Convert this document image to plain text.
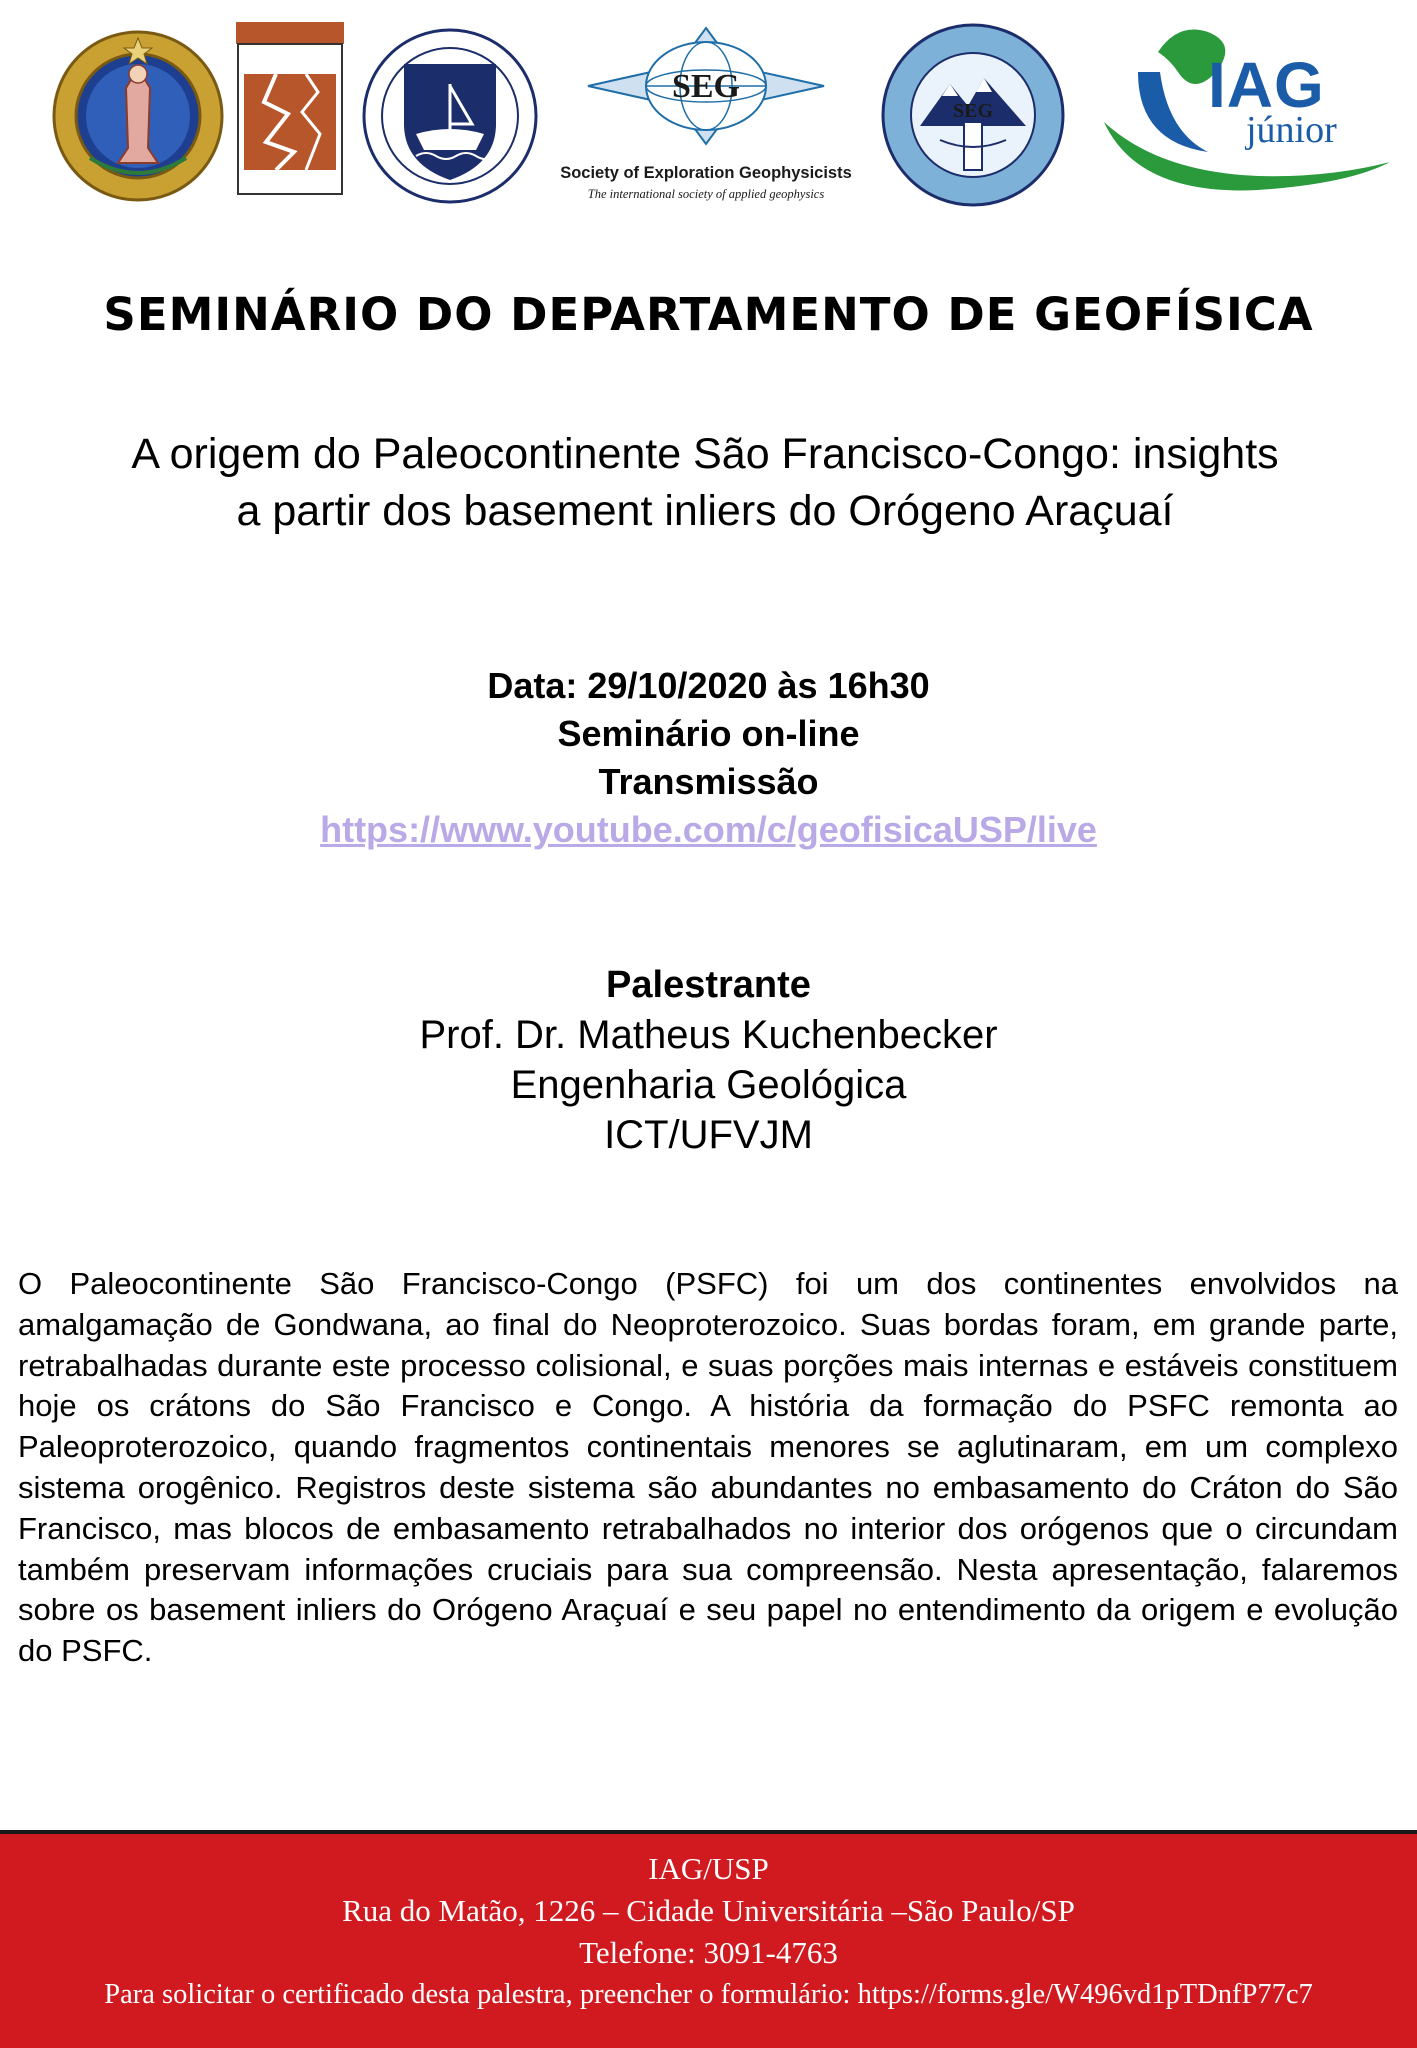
SEG
Society of Exploration Geophysicists
The international society of applied geophysics
SEG	IAG
júnior
SEMINÁRIO DO DEPARTAMENTO DE GEOFÍSICA
A origem do Paleocontinente São Francisco-Congo: insights
a partir dos basement inliers do Orógeno Araçuaí
Data: 29/10/2020 às 16h30
Seminário on-line
Transmissão
https://www.youtube.com/c/geofisicaUSP/live
Palestrante
Prof. Dr. Matheus Kuchenbecker
Engenharia Geológica
ICT/UFVJM
O Paleocontinente São Francisco-Congo (PSFC) foi um dos continentes envolvidos na amalgamação de Gondwana, ao final do Neoproterozoico. Suas bordas foram, em grande parte, retrabalhadas durante este processo colisional, e suas porções mais internas e estáveis constituem hoje os crátons do São Francisco e Congo. A história da formação do PSFC remonta ao Paleoproterozoico, quando fragmentos continentais menores se aglutinaram, em um complexo sistema orogênico. Registros deste sistema são abundantes no embasamento do Cráton do São Francisco, mas blocos de embasamento retrabalhados no interior dos orógenos que o circundam também preservam informações cruciais para sua compreensão. Nesta apresentação, falaremos sobre os basement inliers do Orógeno Araçuaí e seu papel no entendimento da origem e evolução do PSFC.
IAG/USP
Rua do Matão, 1226 – Cidade Universitária –São Paulo/SP
Telefone: 3091-4763
Para solicitar o certificado desta palestra, preencher o formulário: https://forms.gle/W496vd1pTDnfP77c7
